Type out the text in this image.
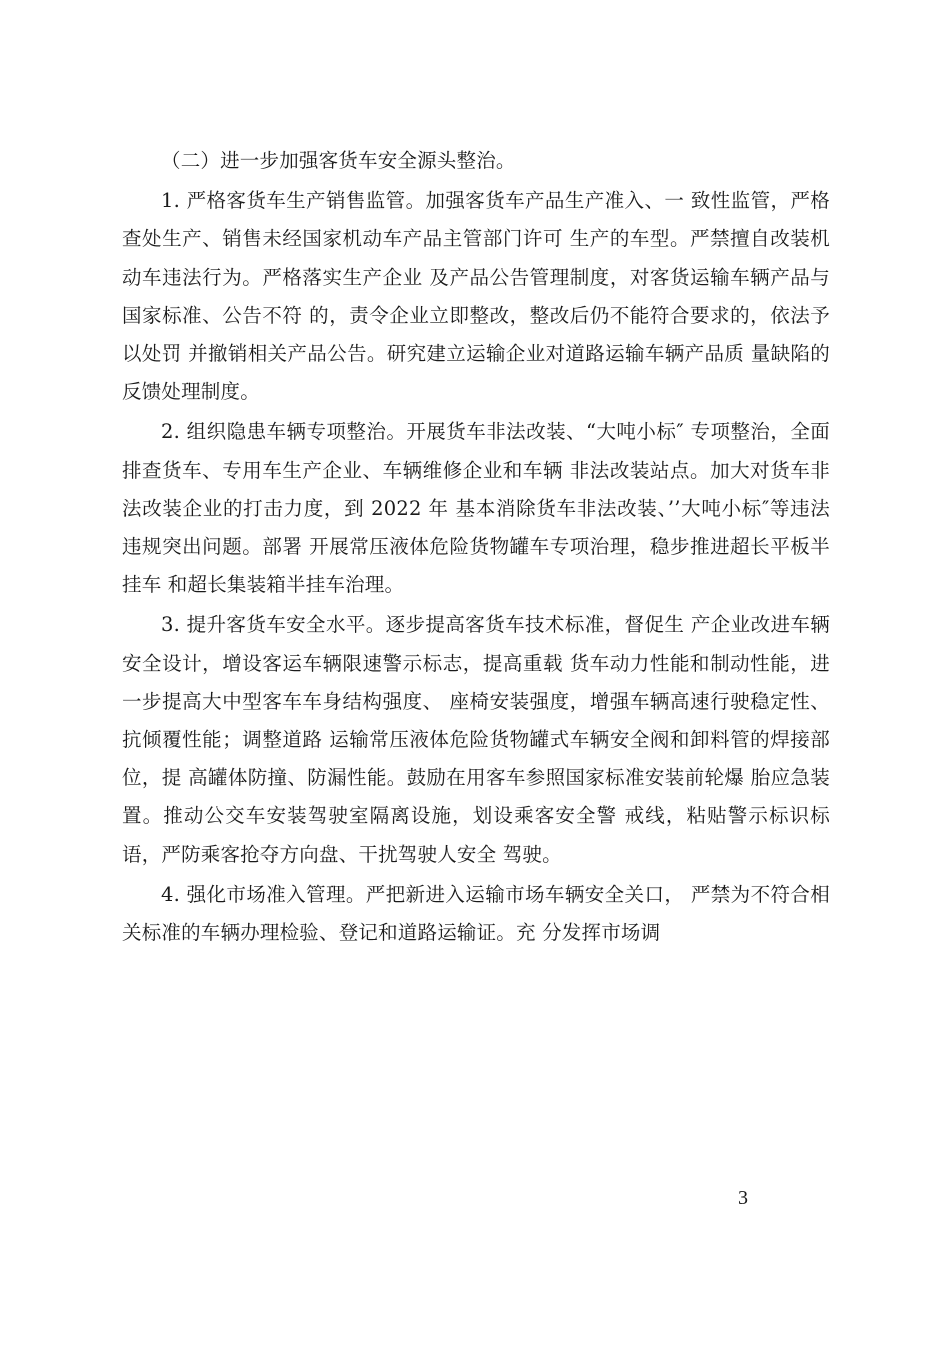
（二）进一步加强客货车安全源头整治。

1. 严格客货车生产销售监管。加强客货车产品生产准入、一 致性监管，严格查处生产、销售未经国家机动车产品主管部门许可 生产的车型。严禁擅自改装机动车违法行为。严格落实生产企业 及产品公告管理制度，对客货运输车辆产品与国家标准、公告不符 的，责令企业立即整改，整改后仍不能符合要求的，依法予以处罚 并撤销相关产品公告。研究建立运输企业对道路运输车辆产品质 量缺陷的反馈处理制度。

2. 组织隐患车辆专项整治。开展货车非法改装、“大吨小标″ 专项整治，全面排查货车、专用车生产企业、车辆维修企业和车辆 非法改装站点。加大对货车非法改装企业的打击力度，到 2022 年 基本消除货车非法改装、’’大吨小标″等违法违规突出问题。部署 开展常压液体危险货物罐车专项治理，稳步推进超长平板半挂车 和超长集装箱半挂车治理。

3. 提升客货车安全水平。逐步提高客货车技术标准，督促生 产企业改进车辆安全设计，增设客运车辆限速警示标志，提高重载 货车动力性能和制动性能，进一步提高大中型客车车身结构强度、 座椅安装强度，增强车辆高速行驶稳定性、抗倾覆性能；调整道路 运输常压液体危险货物罐式车辆安全阀和卸料管的焊接部位，提 高罐体防撞、防漏性能。鼓励在用客车参照国家标准安装前轮爆 胎应急装置。推动公交车安装驾驶室隔离设施，划设乘客安全警 戒线，粘贴警示标识标语，严防乘客抢夺方向盘、干扰驾驶人安全 驾驶。

4. 强化市场准入管理。严把新进入运输市场车辆安全关口， 严禁为不符合相关标准的车辆办理检验、登记和道路运输证。充 分发挥市场调

3
